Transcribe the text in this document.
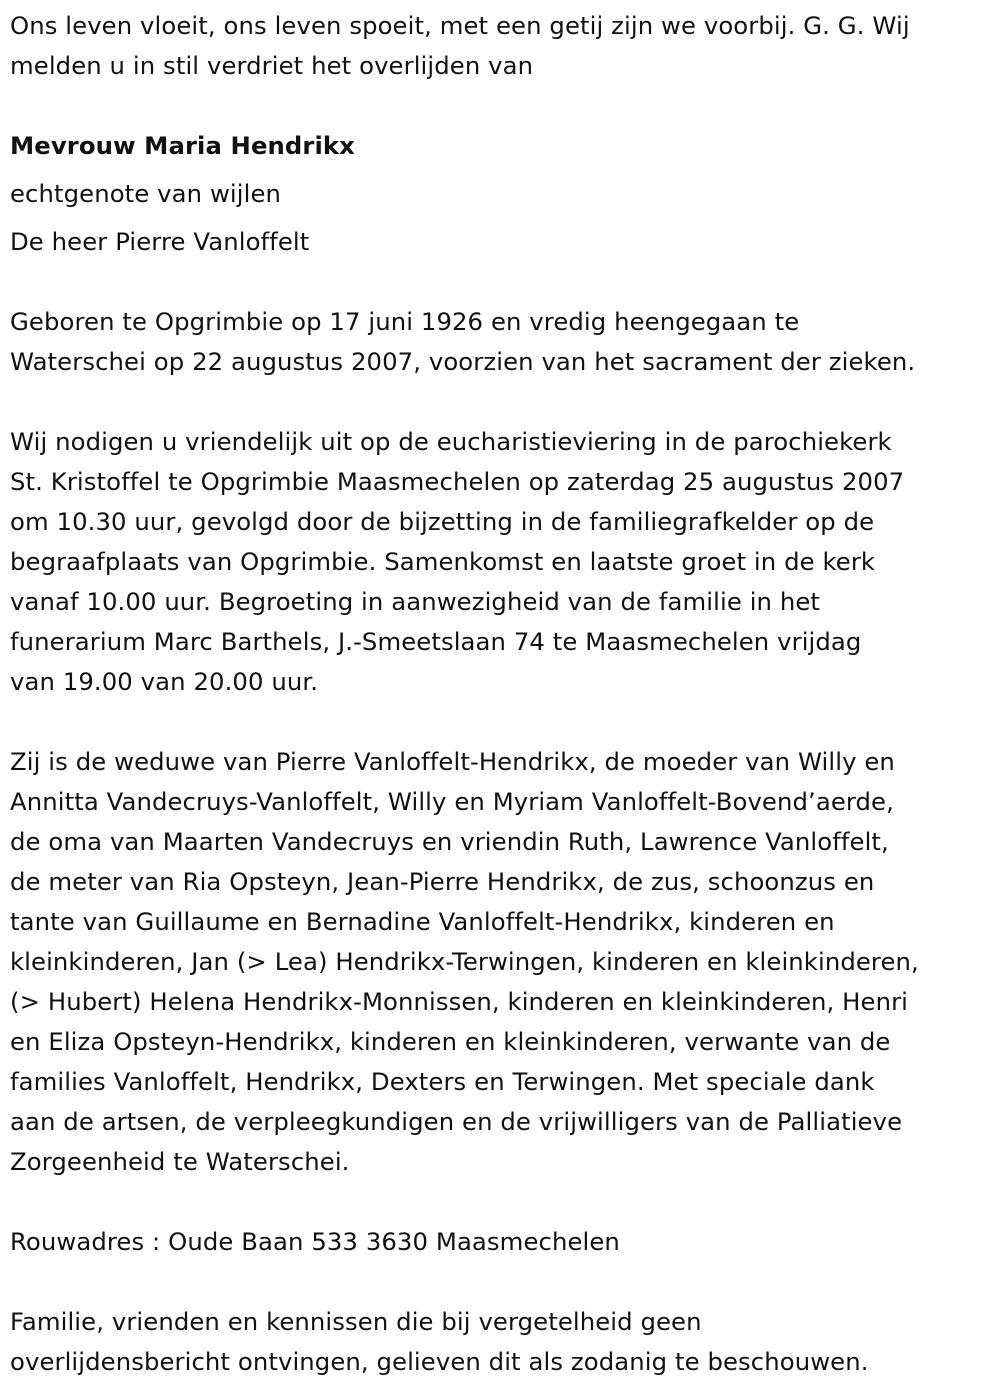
Ons leven vloeit, ons leven spoeit, met een getij zijn we voorbij. G. G. Wij
melden u in stil verdriet het overlijden van

Mevrouw Maria Hendrikx

echtgenote van wijlen

De heer Pierre Vanloffelt

Geboren te Opgrimbie op 17 juni 1926 en vredig heengegaan te
Waterschei op 22 augustus 2007, voorzien van het sacrament der zieken.

Wij nodigen u vriendelijk uit op de eucharistieviering in de parochiekerk
St. Kristoffel te Opgrimbie Maasmechelen op zaterdag 25 augustus 2007
om 10.30 uur, gevolgd door de bijzetting in de familiegrafkelder op de
begraafplaats van Opgrimbie. Samenkomst en laatste groet in de kerk
vanaf 10.00 uur. Begroeting in aanwezigheid van de familie in het
funerarium Marc Barthels, J.-Smeetslaan 74 te Maasmechelen vrijdag
van 19.00 van 20.00 uur.

Zij is de weduwe van Pierre Vanloffelt-Hendrikx, de moeder van Willy en
Annitta Vandecruys-Vanloffelt, Willy en Myriam Vanloffelt-Bovend’aerde,
de oma van Maarten Vandecruys en vriendin Ruth, Lawrence Vanloffelt,
de meter van Ria Opsteyn, Jean-Pierre Hendrikx, de zus, schoonzus en
tante van Guillaume en Bernadine Vanloffelt-Hendrikx, kinderen en
kleinkinderen, Jan (> Lea) Hendrikx-Terwingen, kinderen en kleinkinderen,
(> Hubert) Helena Hendrikx-Monnissen, kinderen en kleinkinderen, Henri
en Eliza Opsteyn-Hendrikx, kinderen en kleinkinderen, verwante van de
families Vanloffelt, Hendrikx, Dexters en Terwingen. Met speciale dank
aan de artsen, de verpleegkundigen en de vrijwilligers van de Palliatieve
Zorgeenheid te Waterschei.

Rouwadres : Oude Baan 533 3630 Maasmechelen

Familie, vrienden en kennissen die bij vergetelheid geen
overlijdensbericht ontvingen, gelieven dit als zodanig te beschouwen.
